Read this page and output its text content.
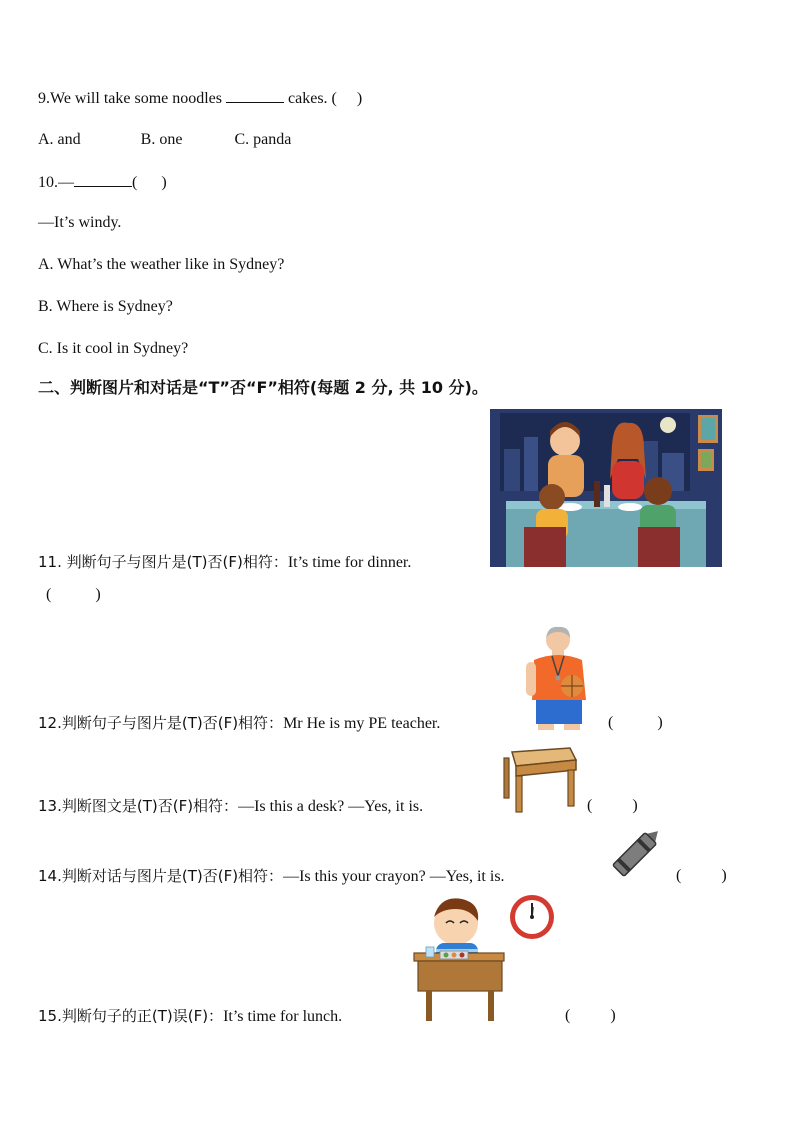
9.We will take some noodles	cakes. (     )
A. and	B. one	C. panda
10.—	(      )
—It’s windy.
A. What’s the weather like in Sydney?
B. Where is Sydney?
C. Is it cool in Sydney?
二、判断图片和对话是“T”否“F”相符(每题 2 分, 共 10 分)。
11. 判断句子与图片是(T)否(F)相符：It’s time for dinner.
(           )
12.判断句子与图片是(T)否(F)相符：Mr He is my PE teacher.	(           )
13.判断图文是(T)否(F)相符：—Is this a desk? —Yes, it is.	(          )
14.判断对话与图片是(T)否(F)相符：—Is this your crayon? —Yes, it is.	(          )
15.判断句子的正(T)误(F)：It’s time for lunch.	(          )
